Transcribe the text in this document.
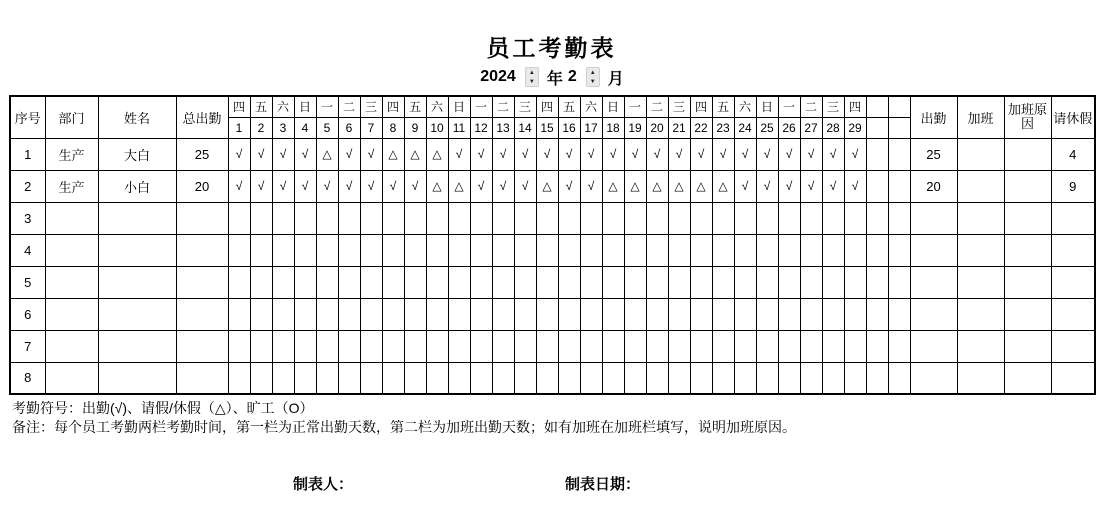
员工考勤表
2024	▲
▼ 年 2	▲
▼ 月
序号	部门	姓名	总出勤	四	五	六	日	一	二	三	四	五	六	日	一	二	三	四	五	六	日	一	二	三	四	五	六	日	一	二	三	四			出勤	加班	加班原因	请休假
				1	2	3	4	5	6	7	8	9	10	11	12	13	14	15	16	17	18	19	20	21	22	23	24	25	26	27	28	29						
1	生产	大白	25	√	√	√	√	△	√	√	△	△	△	√	√	√	√	√	√	√	√	√	√	√	√	√	√	√	√	√	√	√			25			4
2	生产	小白	20	√	√	√	√	√	√	√	√	√	△	△	√	√	√	△	√	√	△	△	△	△	△	△	√	√	√	√	√	√			20			9
3																																						
4																																						
5																																						
6																																						
7																																						
8																																						
考勤符号：出勤(√)、请假/休假（△）、旷工（O）
备注：每个员工考勤两栏考勤时间，第一栏为正常出勤天数，第二栏为加班出勤天数；如有加班在加班栏填写，说明加班原因。
制表人：	制表日期：
